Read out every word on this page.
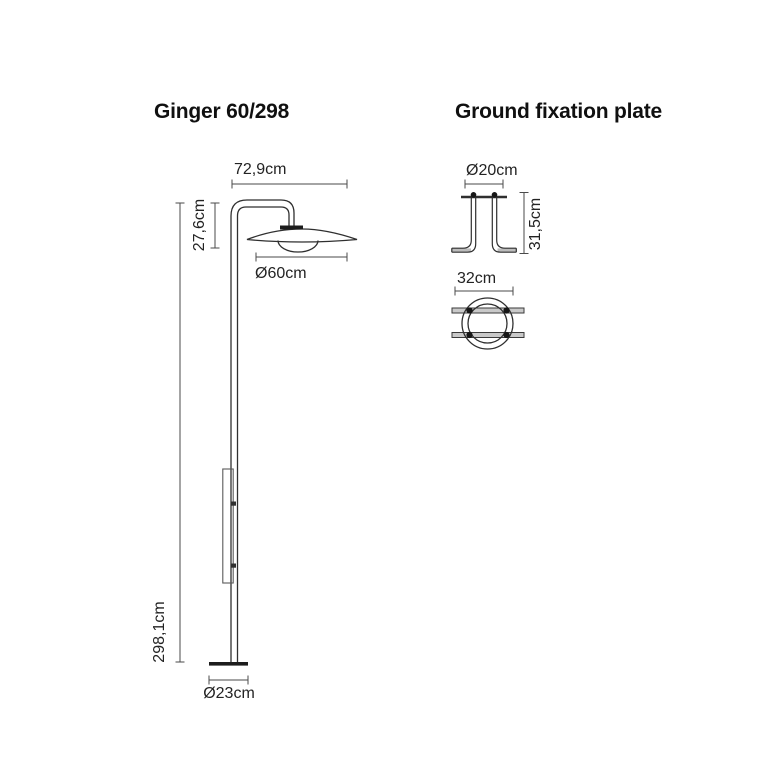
Ginger 60/298	Ground fixation plate
72,9cm
27,6cm
Ø60cm
298,1cm
Ø23cm
Ø20cm
31,5cm
32cm
